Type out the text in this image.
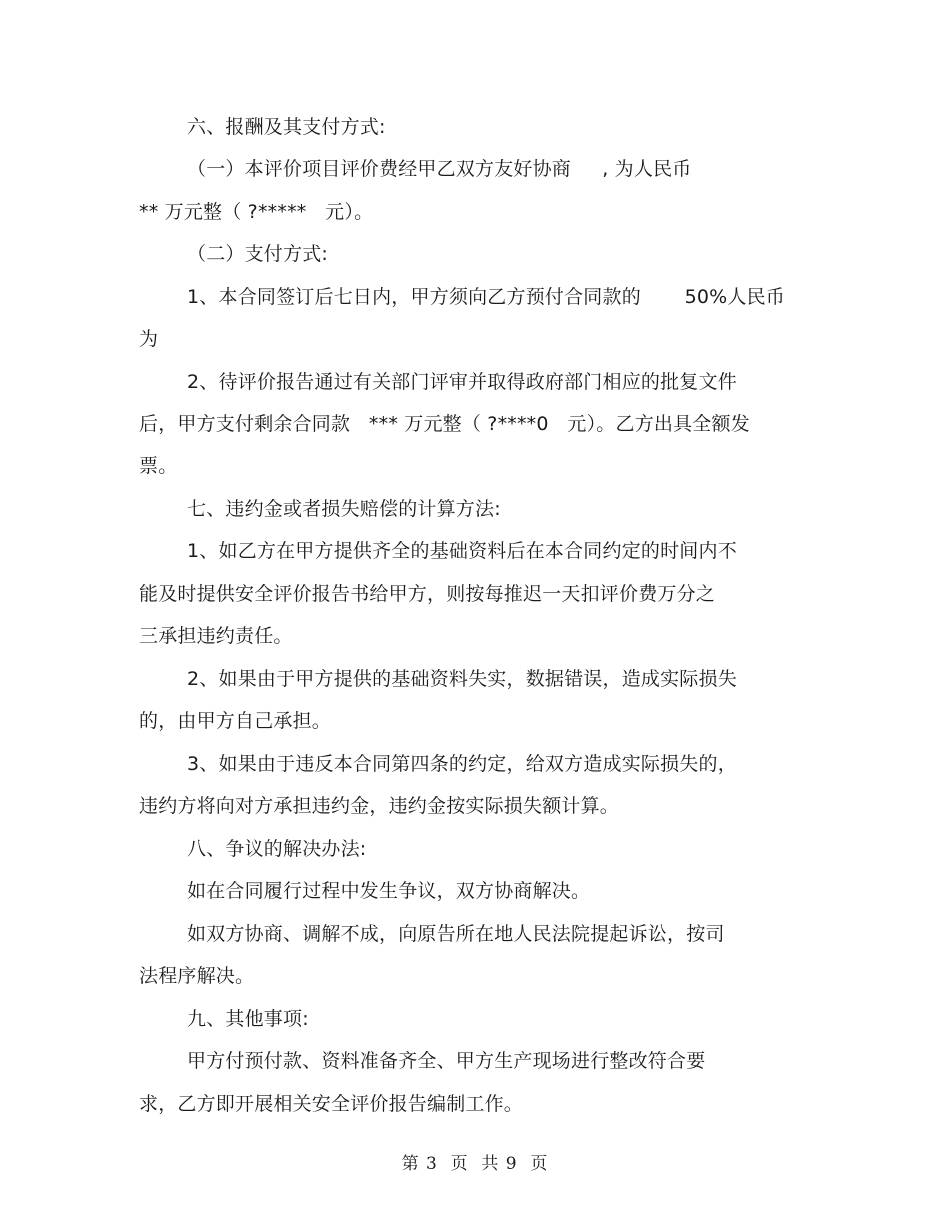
六、报酬及其支付方式:
（一）本评价项目评价费经甲乙双方友好协商     , 为人民币
** 万元整（ ?*****   元）。
（二）支付方式:
1、本合同签订后七日内，甲方须向乙方预付合同款的       50%人民币
为
2、待评价报告通过有关部门评审并取得政府部门相应的批复文件
后，甲方支付剩余合同款   *** 万元整（ ?****0   元）。乙方出具全额发
票。
七、违约金或者损失赔偿的计算方法:
1、如乙方在甲方提供齐全的基础资料后在本合同约定的时间内不
能及时提供安全评价报告书给甲方，则按每推迟一天扣评价费万分之
三承担违约责任。
2、如果由于甲方提供的基础资料失实，数据错误，造成实际损失
的，由甲方自己承担。
3、如果由于违反本合同第四条的约定，给双方造成实际损失的，
违约方将向对方承担违约金，违约金按实际损失额计算。
八、争议的解决办法:
如在合同履行过程中发生争议，双方协商解决。
如双方协商、调解不成，向原告所在地人民法院提起诉讼，按司
法程序解决。
九、其他事项:
甲方付预付款、资料准备齐全、甲方生产现场进行整改符合要
求，乙方即开展相关安全评价报告编制工作。
第 3  页  共 9  页
